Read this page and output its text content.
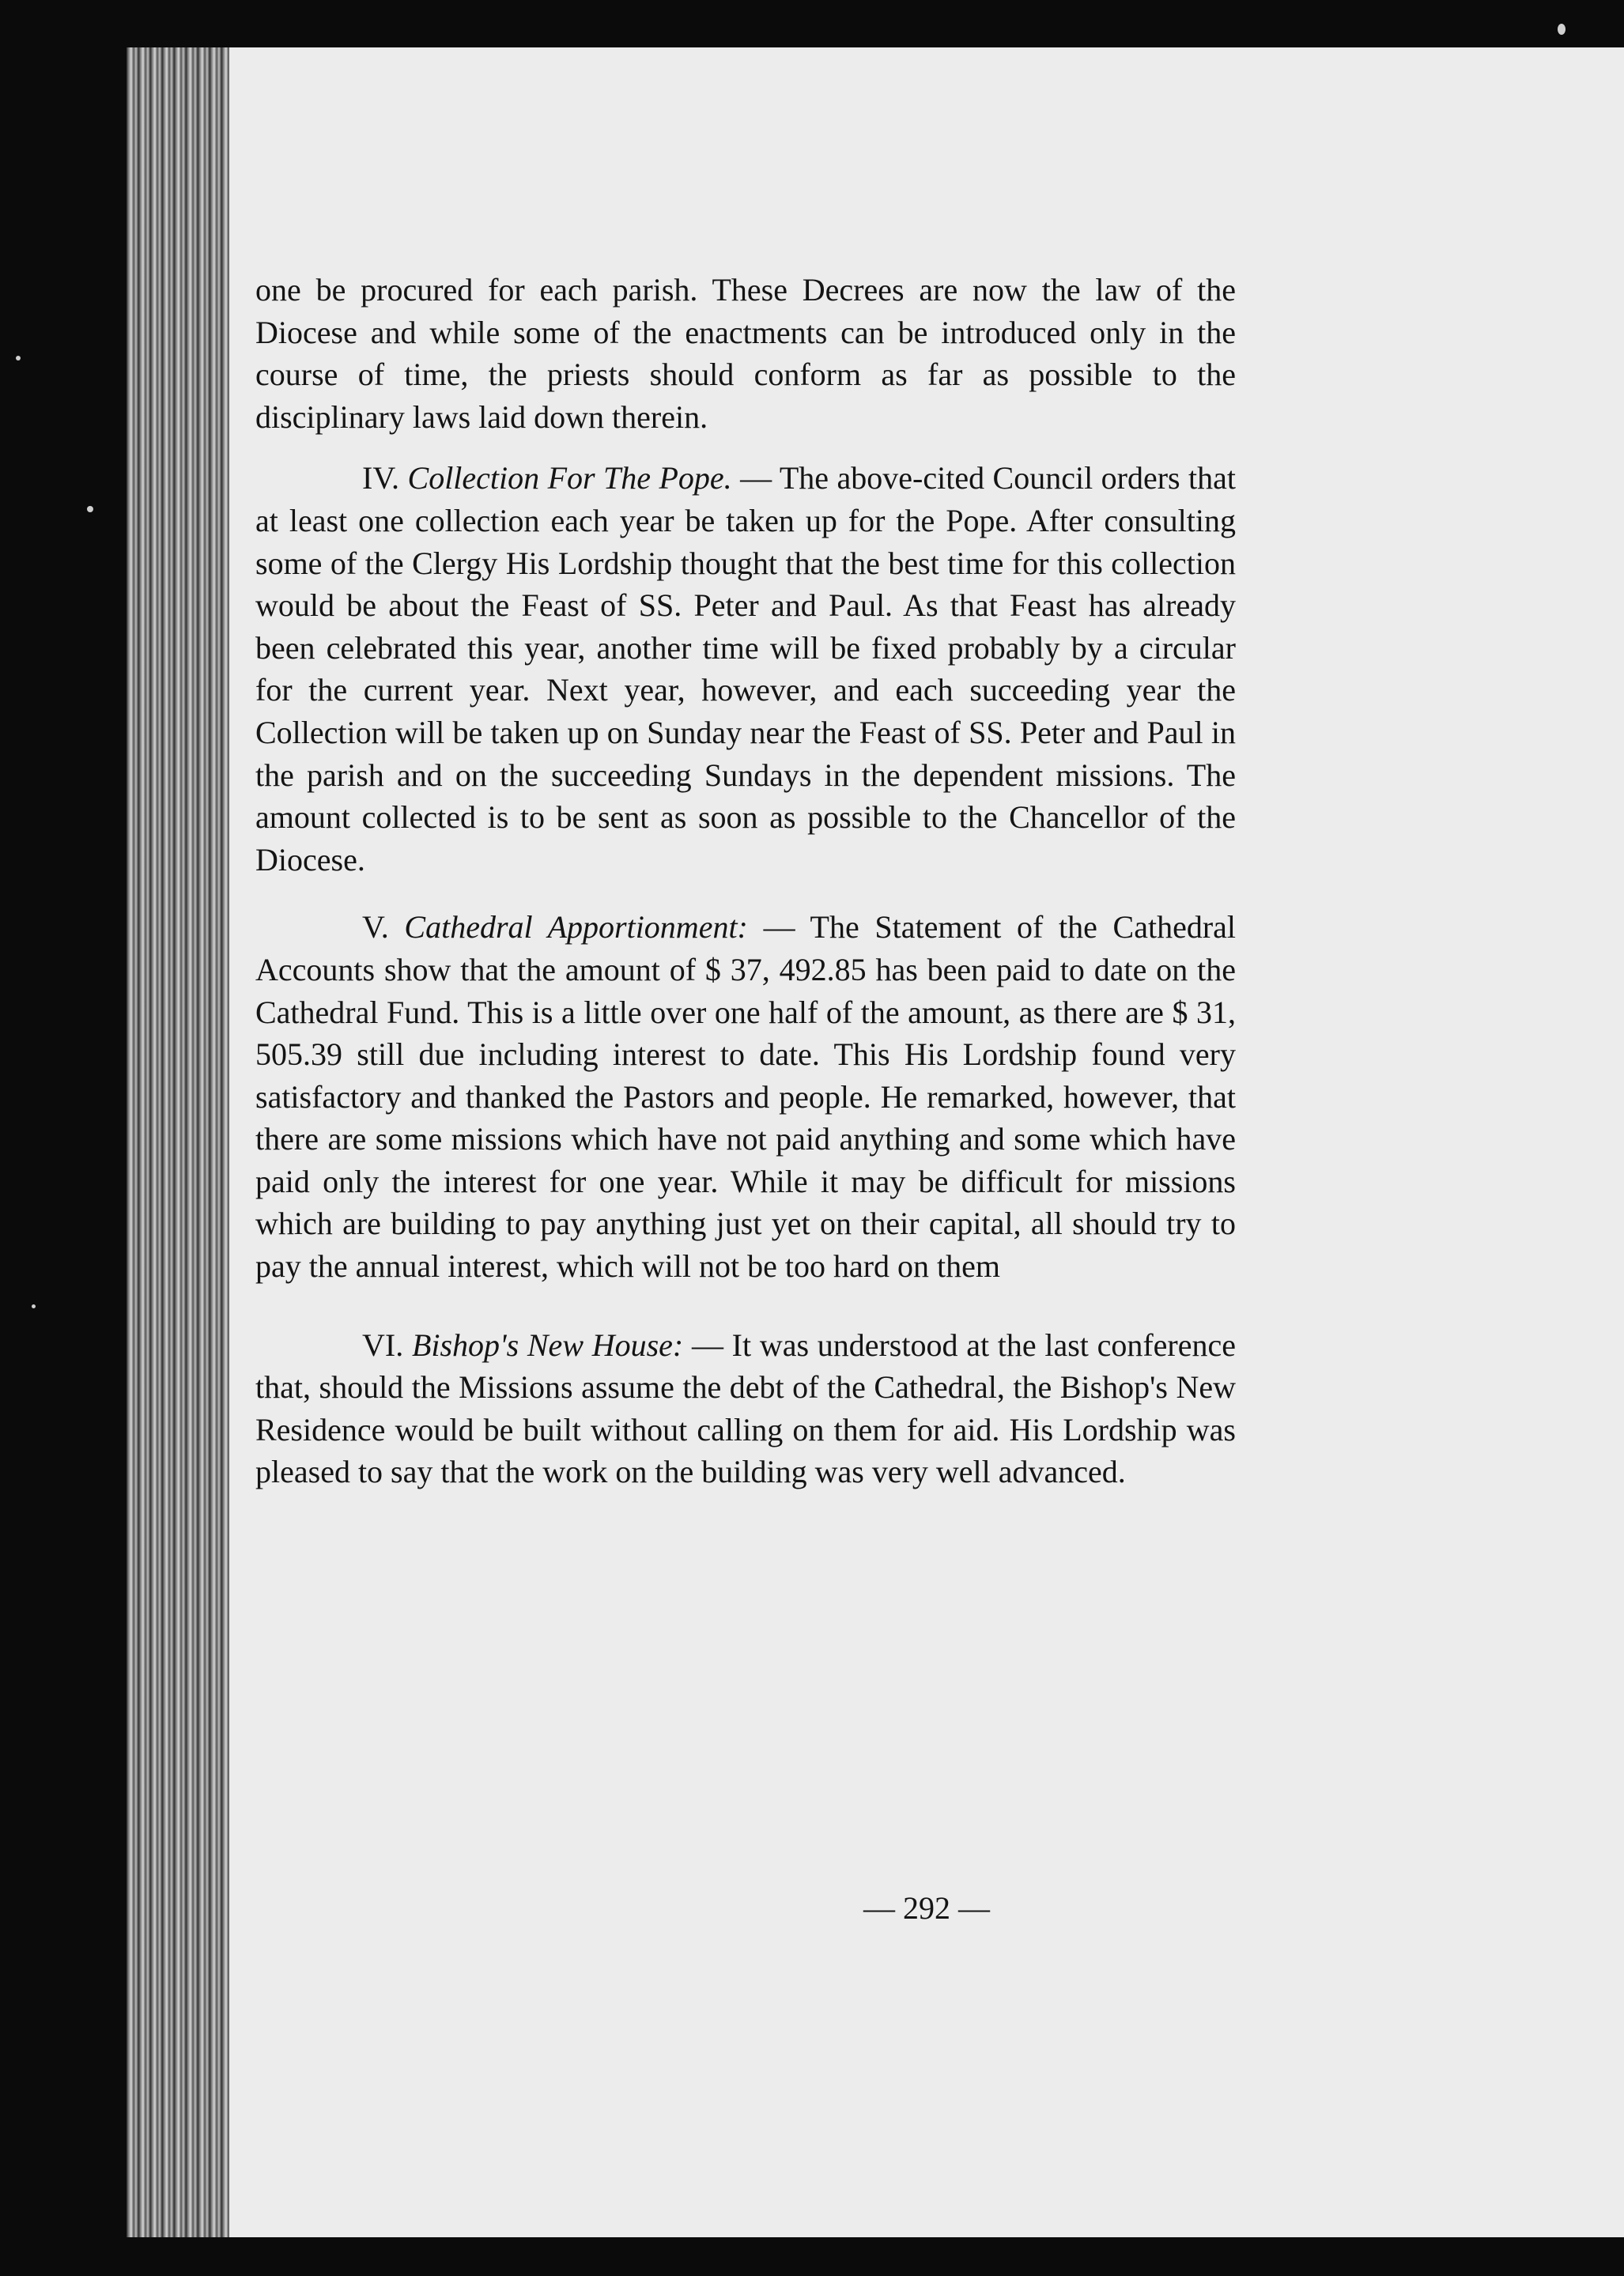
one be procured for each parish. These Decrees are now the law of the Diocese and while some of the enactments can be introduced only in the course of time, the priests should conform as far as possible to the disciplinary laws laid down therein.

IV. Collection For The Pope. — The above-cited Council orders that at least one collection each year be taken up for the Pope. After consulting some of the Clergy His Lordship thought that the best time for this collection would be about the Feast of SS. Peter and Paul. As that Feast has already been celebrated this year, another time will be fixed probably by a circular for the current year. Next year, however, and each succeeding year the Collection will be taken up on Sunday near the Feast of SS. Peter and Paul in the parish and on the succeeding Sundays in the dependent missions. The amount collected is to be sent as soon as possible to the Chancellor of the Diocese.

V. Cathedral Apportionment: — The Statement of the Cathedral Accounts show that the amount of $ 37, 492.85 has been paid to date on the Cathedral Fund. This is a little over one half of the amount, as there are $ 31, 505.39 still due including interest to date. This His Lordship found very satisfactory and thanked the Pastors and people. He remarked, however, that there are some missions which have not paid anything and some which have paid only the interest for one year. While it may be difficult for missions which are building to pay anything just yet on their capital, all should try to pay the annual interest, which will not be too hard on them

VI. Bishop's New House: — It was understood at the last conference that, should the Missions assume the debt of the Cathedral, the Bishop's New Residence would be built without calling on them for aid. His Lordship was pleased to say that the work on the building was very well advanced.

— 292 —
